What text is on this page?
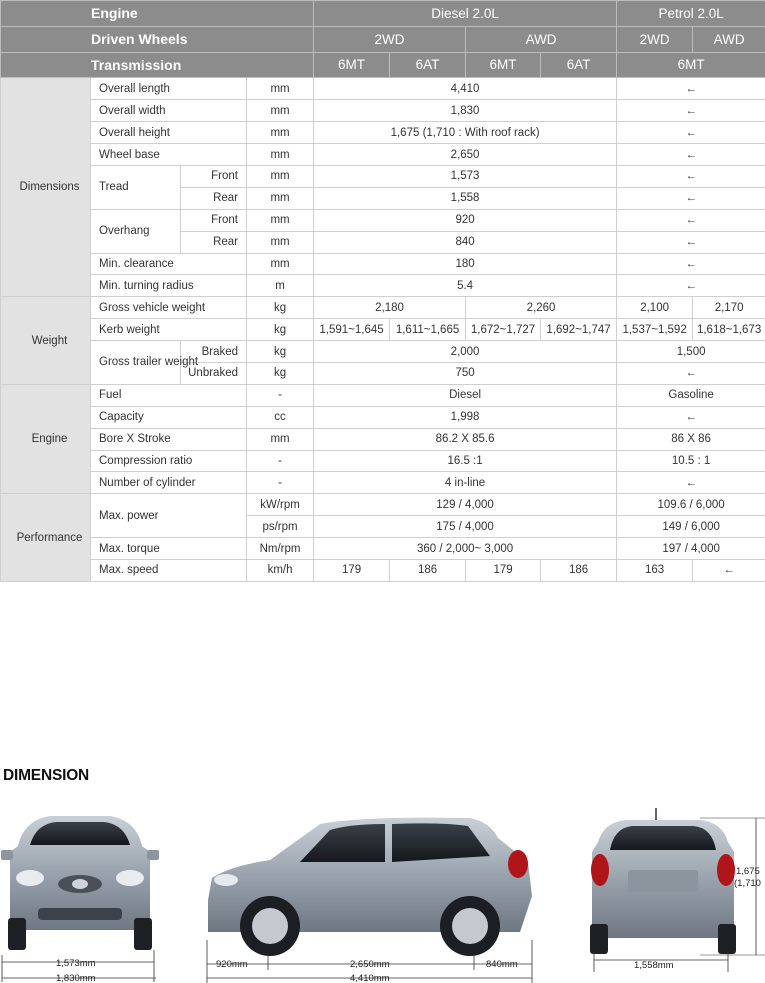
Engine				Diesel 2.0L				Petrol 2.0L	
Driven Wheels				2WD		AWD		2WD	AWD
Transmission				6MT	6AT	6MT	6AT	6MT	
Dimensions	Overall length		mm	4,410				←	
	Overall width		mm	1,830				←	
	Overall height		mm	1,675 (1,710 : With roof rack)				←	
	Wheel base		mm	2,650				←	
	Tread	Front	mm	1,573				←	
		Rear	mm	1,558				←	
	Overhang	Front	mm	920				←	
		Rear	mm	840				←	
	Min. clearance		mm	180				←	
	Min. turning radius		m	5.4				←	
Weight	Gross vehicle weight		kg	2,180		2,260		2,100	2,170
	Kerb weight		kg	1,591~1,645	1,611~1,665	1,672~1,727	1,692~1,747	1,537~1,592	1,618~1,673
	Gross trailer weight	Braked	kg	2,000				1,500	
		Unbraked	kg	750				←	
Engine	Fuel		-	Diesel				Gasoline	
	Capacity		cc	1,998				←	
	Bore X Stroke		mm	86.2 X 85.6				86 X 86	
	Compression ratio		-	16.5 :1				10.5 : 1	
	Number of cylinder		-	4 in-line				←	
Performance	Max. power		kW/rpm	129 / 4,000				109.6 / 6,000	
			ps/rpm	175 / 4,000				149 / 6,000	
	Max. torque		Nm/rpm	360 / 2,000~ 3,000				197 / 4,000	
	Max. speed		km/h	179	186	179	186	163	←
DIMENSION
1,573mm
1,830mm
920mm	2,650mm	840mm
4,410mm
1,558mm
1,675
(1,710
